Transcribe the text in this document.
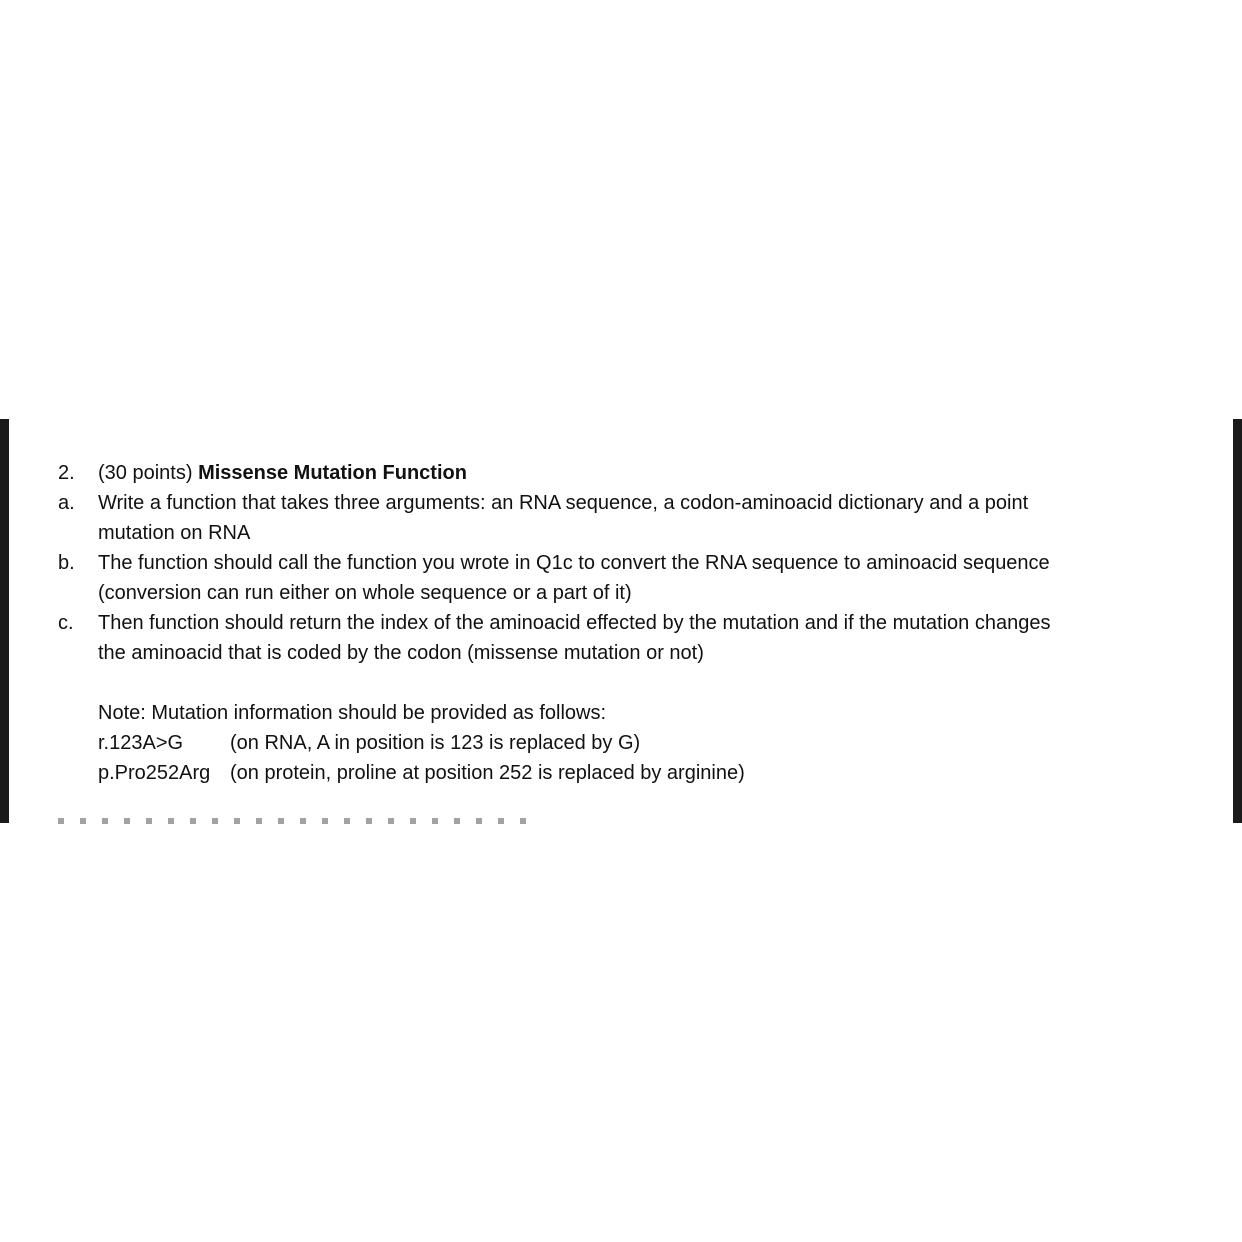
2.	(30 points) Missense Mutation Function
a.	Write a function that takes three arguments: an RNA sequence, a codon-aminoacid dictionary and a point
mutation on RNA
b.	The function should call the function you wrote in Q1c to convert the RNA sequence to aminoacid sequence
(conversion can run either on whole sequence or a part of it)
c.	Then function should return the index of the aminoacid effected by the mutation and if the mutation changes
the aminoacid that is coded by the codon (missense mutation or not)
Note: Mutation information should be provided as follows:
r.123A>G (on RNA, A in position is 123 is replaced by G)
p.Pro252Arg (on protein, proline at position 252 is replaced by arginine)
